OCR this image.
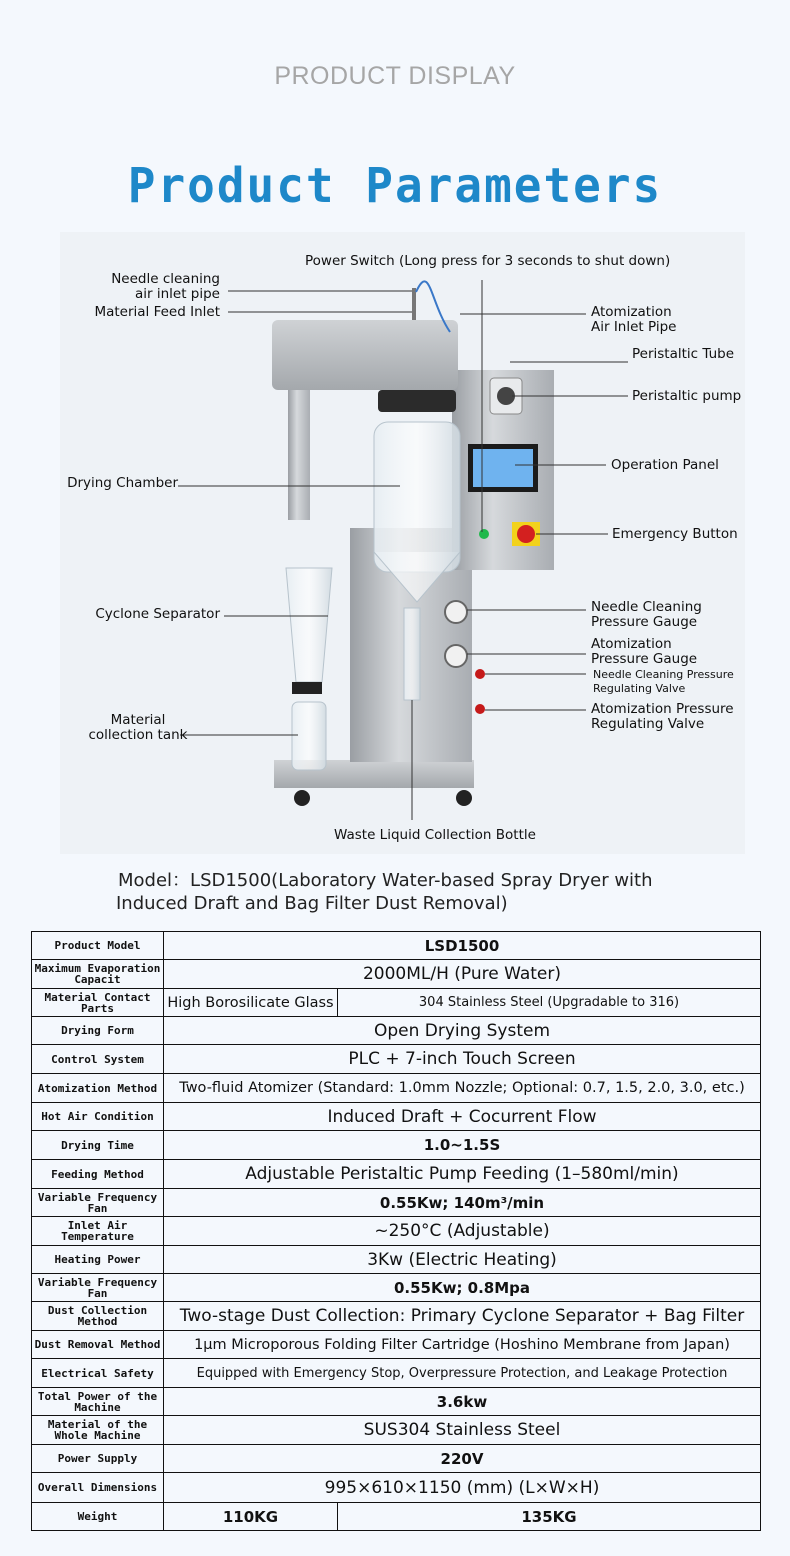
PRODUCT DISPLAY
Product Parameters
Needle cleaning
air inlet pipe
Material Feed Inlet
Power Switch (Long press for 3 seconds to shut down)
Atomization
Air Inlet Pipe
Peristaltic Tube
Peristaltic pump
Operation Panel
Emergency Button
Drying Chamber
Cyclone Separator	Needle Cleaning
Pressure Gauge
Atomization
Pressure Gauge
Needle Cleaning Pressure
Regulating Valve
Atomization Pressure
Regulating Valve
Material
collection tank
Waste Liquid Collection Bottle
Model：LSD1500(Laboratory Water-based Spray Dryer with
Induced Draft and Bag Filter Dust Removal)
Product Model	LSD1500	
Maximum Evaporation Capacit	2000ML/H (Pure Water)	
Material Contact Parts	High Borosilicate Glass	304 Stainless Steel (Upgradable to 316)
Drying Form	Open Drying System	
Control System	PLC + 7-inch Touch Screen	
Atomization Method	Two-fluid Atomizer (Standard: 1.0mm Nozzle; Optional: 0.7, 1.5, 2.0, 3.0, etc.)	
Hot Air Condition	Induced Draft + Cocurrent Flow	
Drying Time	1.0~1.5S	
Feeding Method	Adjustable Peristaltic Pump Feeding (1–580ml/min)	
Variable Frequency Fan	0.55Kw; 140m³/min	
Inlet Air Temperature	~250°C (Adjustable)	
Heating Power	3Kw (Electric Heating)	
Variable Frequency Fan	0.55Kw; 0.8Mpa	
Dust Collection Method	Two-stage Dust Collection: Primary Cyclone Separator + Bag Filter	
Dust Removal Method	1μm Microporous Folding Filter Cartridge (Hoshino Membrane from Japan)	
Electrical Safety	Equipped with Emergency Stop, Overpressure Protection, and Leakage Protection	
Total Power of the Machine	3.6kw	
Material of the Whole Machine	SUS304 Stainless Steel	
Power Supply	220V	
Overall Dimensions	995×610×1150 (mm) (L×W×H)	
Weight	110KG	135KG
